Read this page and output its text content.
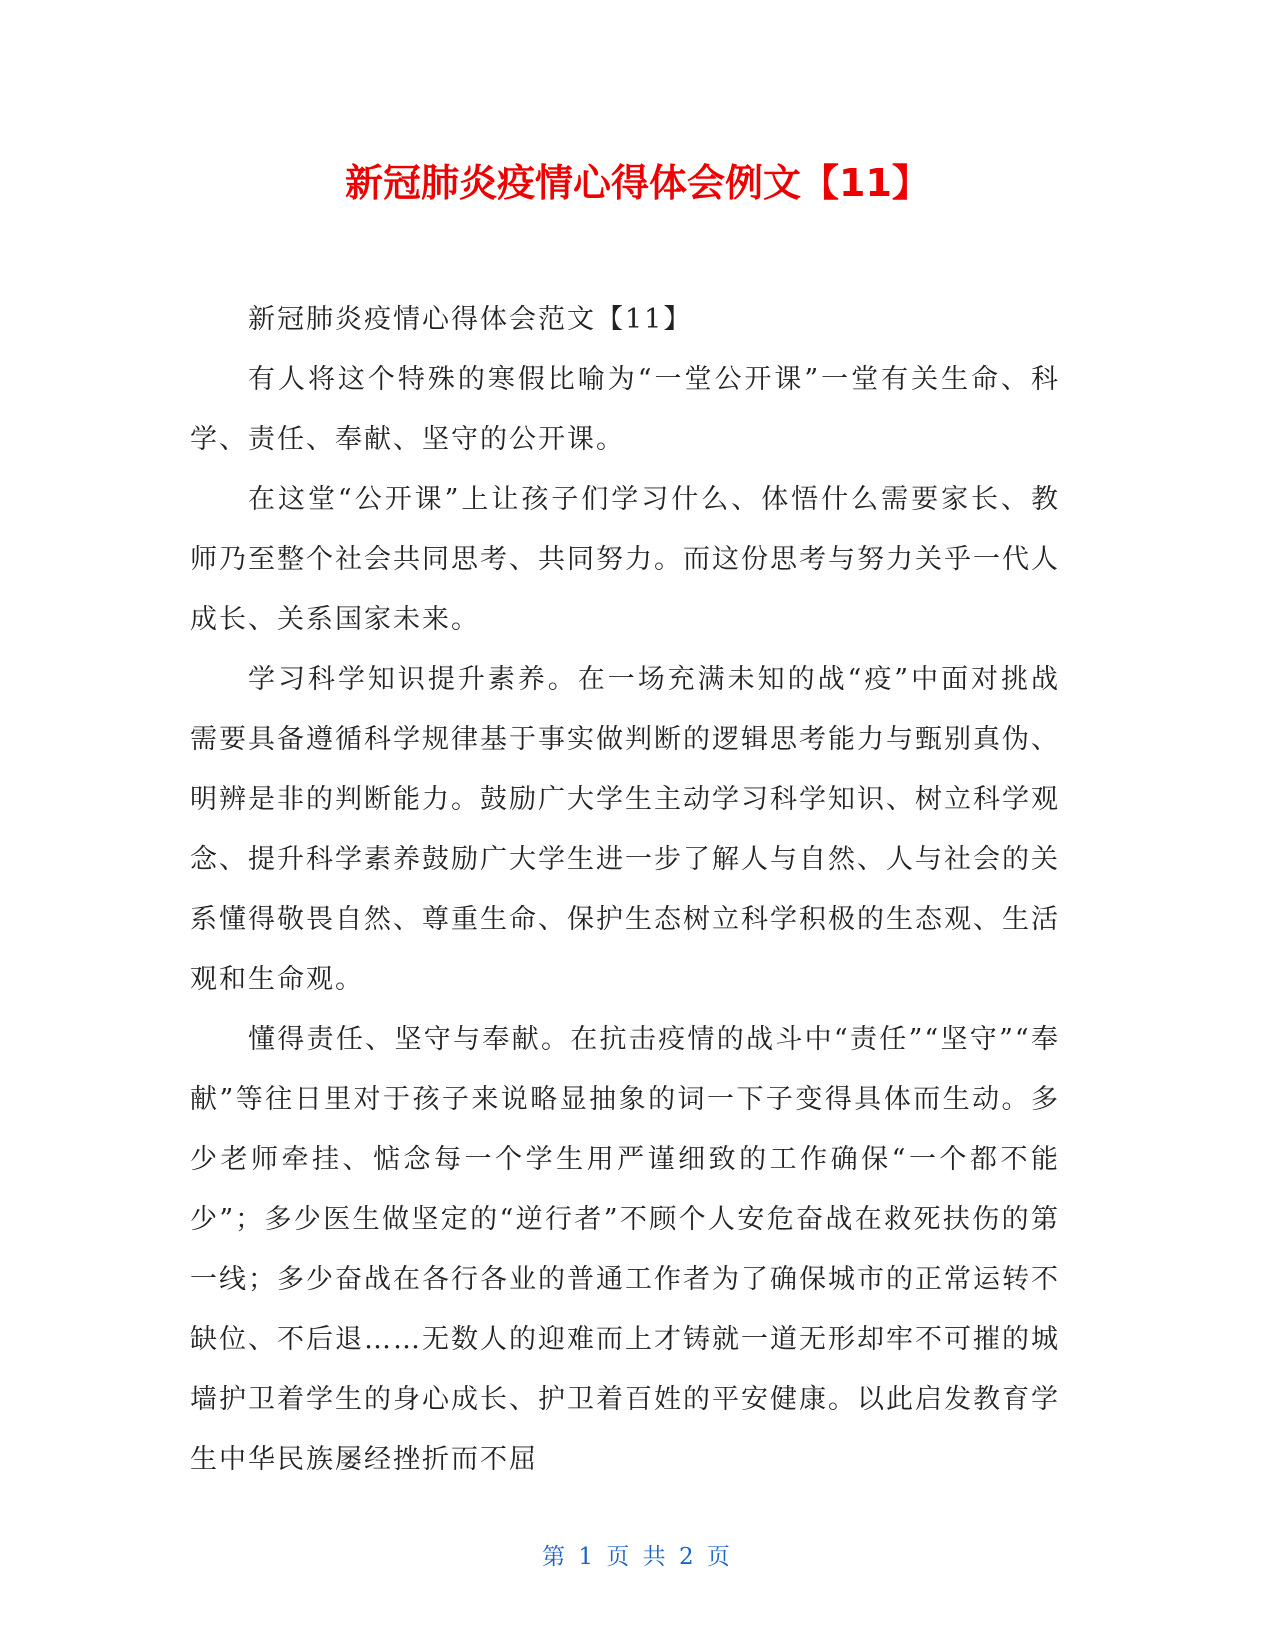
新冠肺炎疫情心得体会例文【11】

新冠肺炎疫情心得体会范文【11】

有人将这个特殊的寒假比喻为“一堂公开课”一堂有关生命、科学、责任、奉献、坚守的公开课。

在这堂“公开课”上让孩子们学习什么、体悟什么需要家长、教师乃至整个社会共同思考、共同努力。而这份思考与努力关乎一代人成长、关系国家未来。

学习科学知识提升素养。在一场充满未知的战“疫”中面对挑战需要具备遵循科学规律基于事实做判断的逻辑思考能力与甄别真伪、明辨是非的判断能力。鼓励广大学生主动学习科学知识、树立科学观念、提升科学素养鼓励广大学生进一步了解人与自然、人与社会的关系懂得敬畏自然、尊重生命、保护生态树立科学积极的生态观、生活观和生命观。

懂得责任、坚守与奉献。在抗击疫情的战斗中“责任”“坚守”“奉献”等往日里对于孩子来说略显抽象的词一下子变得具体而生动。多少老师牵挂、惦念每一个学生用严谨细致的工作确保“一个都不能少”；多少医生做坚定的“逆行者”不顾个人安危奋战在救死扶伤的第一线；多少奋战在各行各业的普通工作者为了确保城市的正常运转不缺位、不后退……无数人的迎难而上才铸就一道无形却牢不可摧的城墙护卫着学生的身心成长、护卫着百姓的平安健康。以此启发教育学生中华民族屡经挫折而不屈

第 1 页 共 2 页
